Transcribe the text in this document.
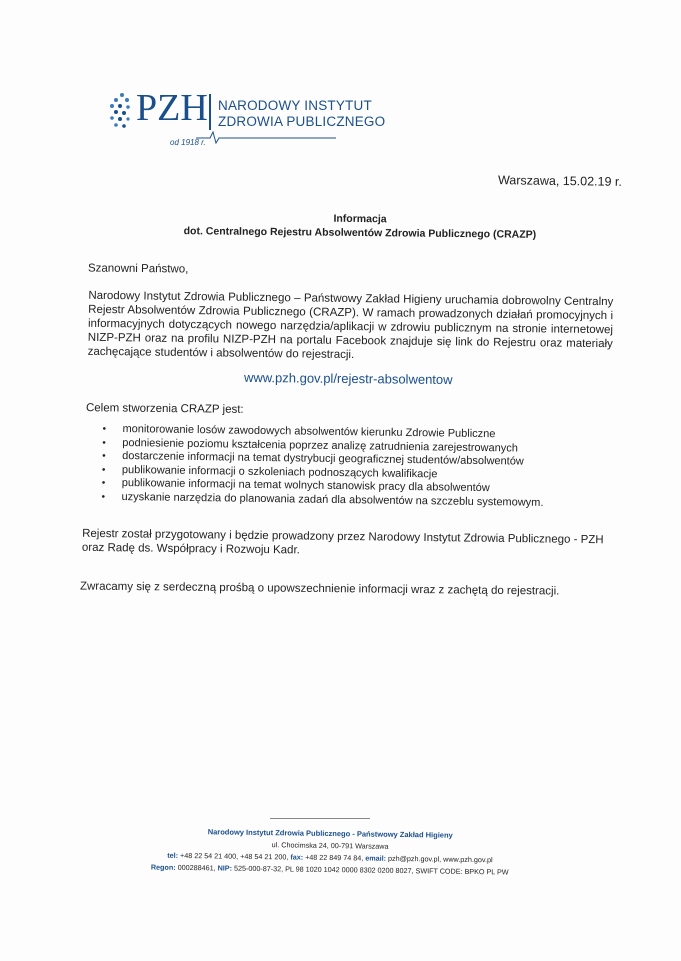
PZH NARODOWY INSTYTUT
ZDROWIA PUBLICZNEGO
od 1918 r.
Warszawa, 15.02.19 r.
Informacja
dot. Centralnego Rejestru Absolwentów Zdrowia Publicznego (CRAZP)
Szanowni Państwo,
Narodowy Instytut Zdrowia Publicznego – Państwowy Zakład Higieny uruchamia dobrowolny Centralny Rejestr Absolwentów Zdrowia Publicznego (CRAZP). W ramach prowadzonych działań promocyjnych i informacyjnych dotyczących nowego narzędzia/aplikacji w zdrowiu publicznym na stronie internetowej NIZP-PZH oraz na profilu NIZP-PZH na portalu Facebook znajduje się link do Rejestru oraz materiały zachęcające studentów i absolwentów do rejestracji.
www.pzh.gov.pl/rejestr-absolwentow
Celem stworzenia CRAZP jest:
• monitorowanie losów zawodowych absolwentów kierunku Zdrowie Publiczne
• podniesienie poziomu kształcenia poprzez analizę zatrudnienia zarejestrowanych
• dostarczenie informacji na temat dystrybucji geograficznej studentów/absolwentów
• publikowanie informacji o szkoleniach podnoszących kwalifikacje
• publikowanie informacji na temat wolnych stanowisk pracy dla absolwentów
• uzyskanie narzędzia do planowania zadań dla absolwentów na szczeblu systemowym.
Rejestr został przygotowany i będzie prowadzony przez Narodowy Instytut Zdrowia Publicznego - PZH oraz Radę ds. Współpracy i Rozwoju Kadr.
Zwracamy się z serdeczną prośbą o upowszechnienie informacji wraz z zachętą do rejestracji.
Narodowy Instytut Zdrowia Publicznego - Państwowy Zakład Higieny
ul. Chocimska 24, 00-791 Warszawa
tel: +48 22 54 21 400, +48 54 21 200, fax: +48 22 849 74 84, email: pzh@pzh.gov.pl, www.pzh.gov.pl
Regon: 000288461, NIP: 525-000-87-32, PL 98 1020 1042 0000 8302 0200 8027, SWIFT CODE: BPKO PL PW
